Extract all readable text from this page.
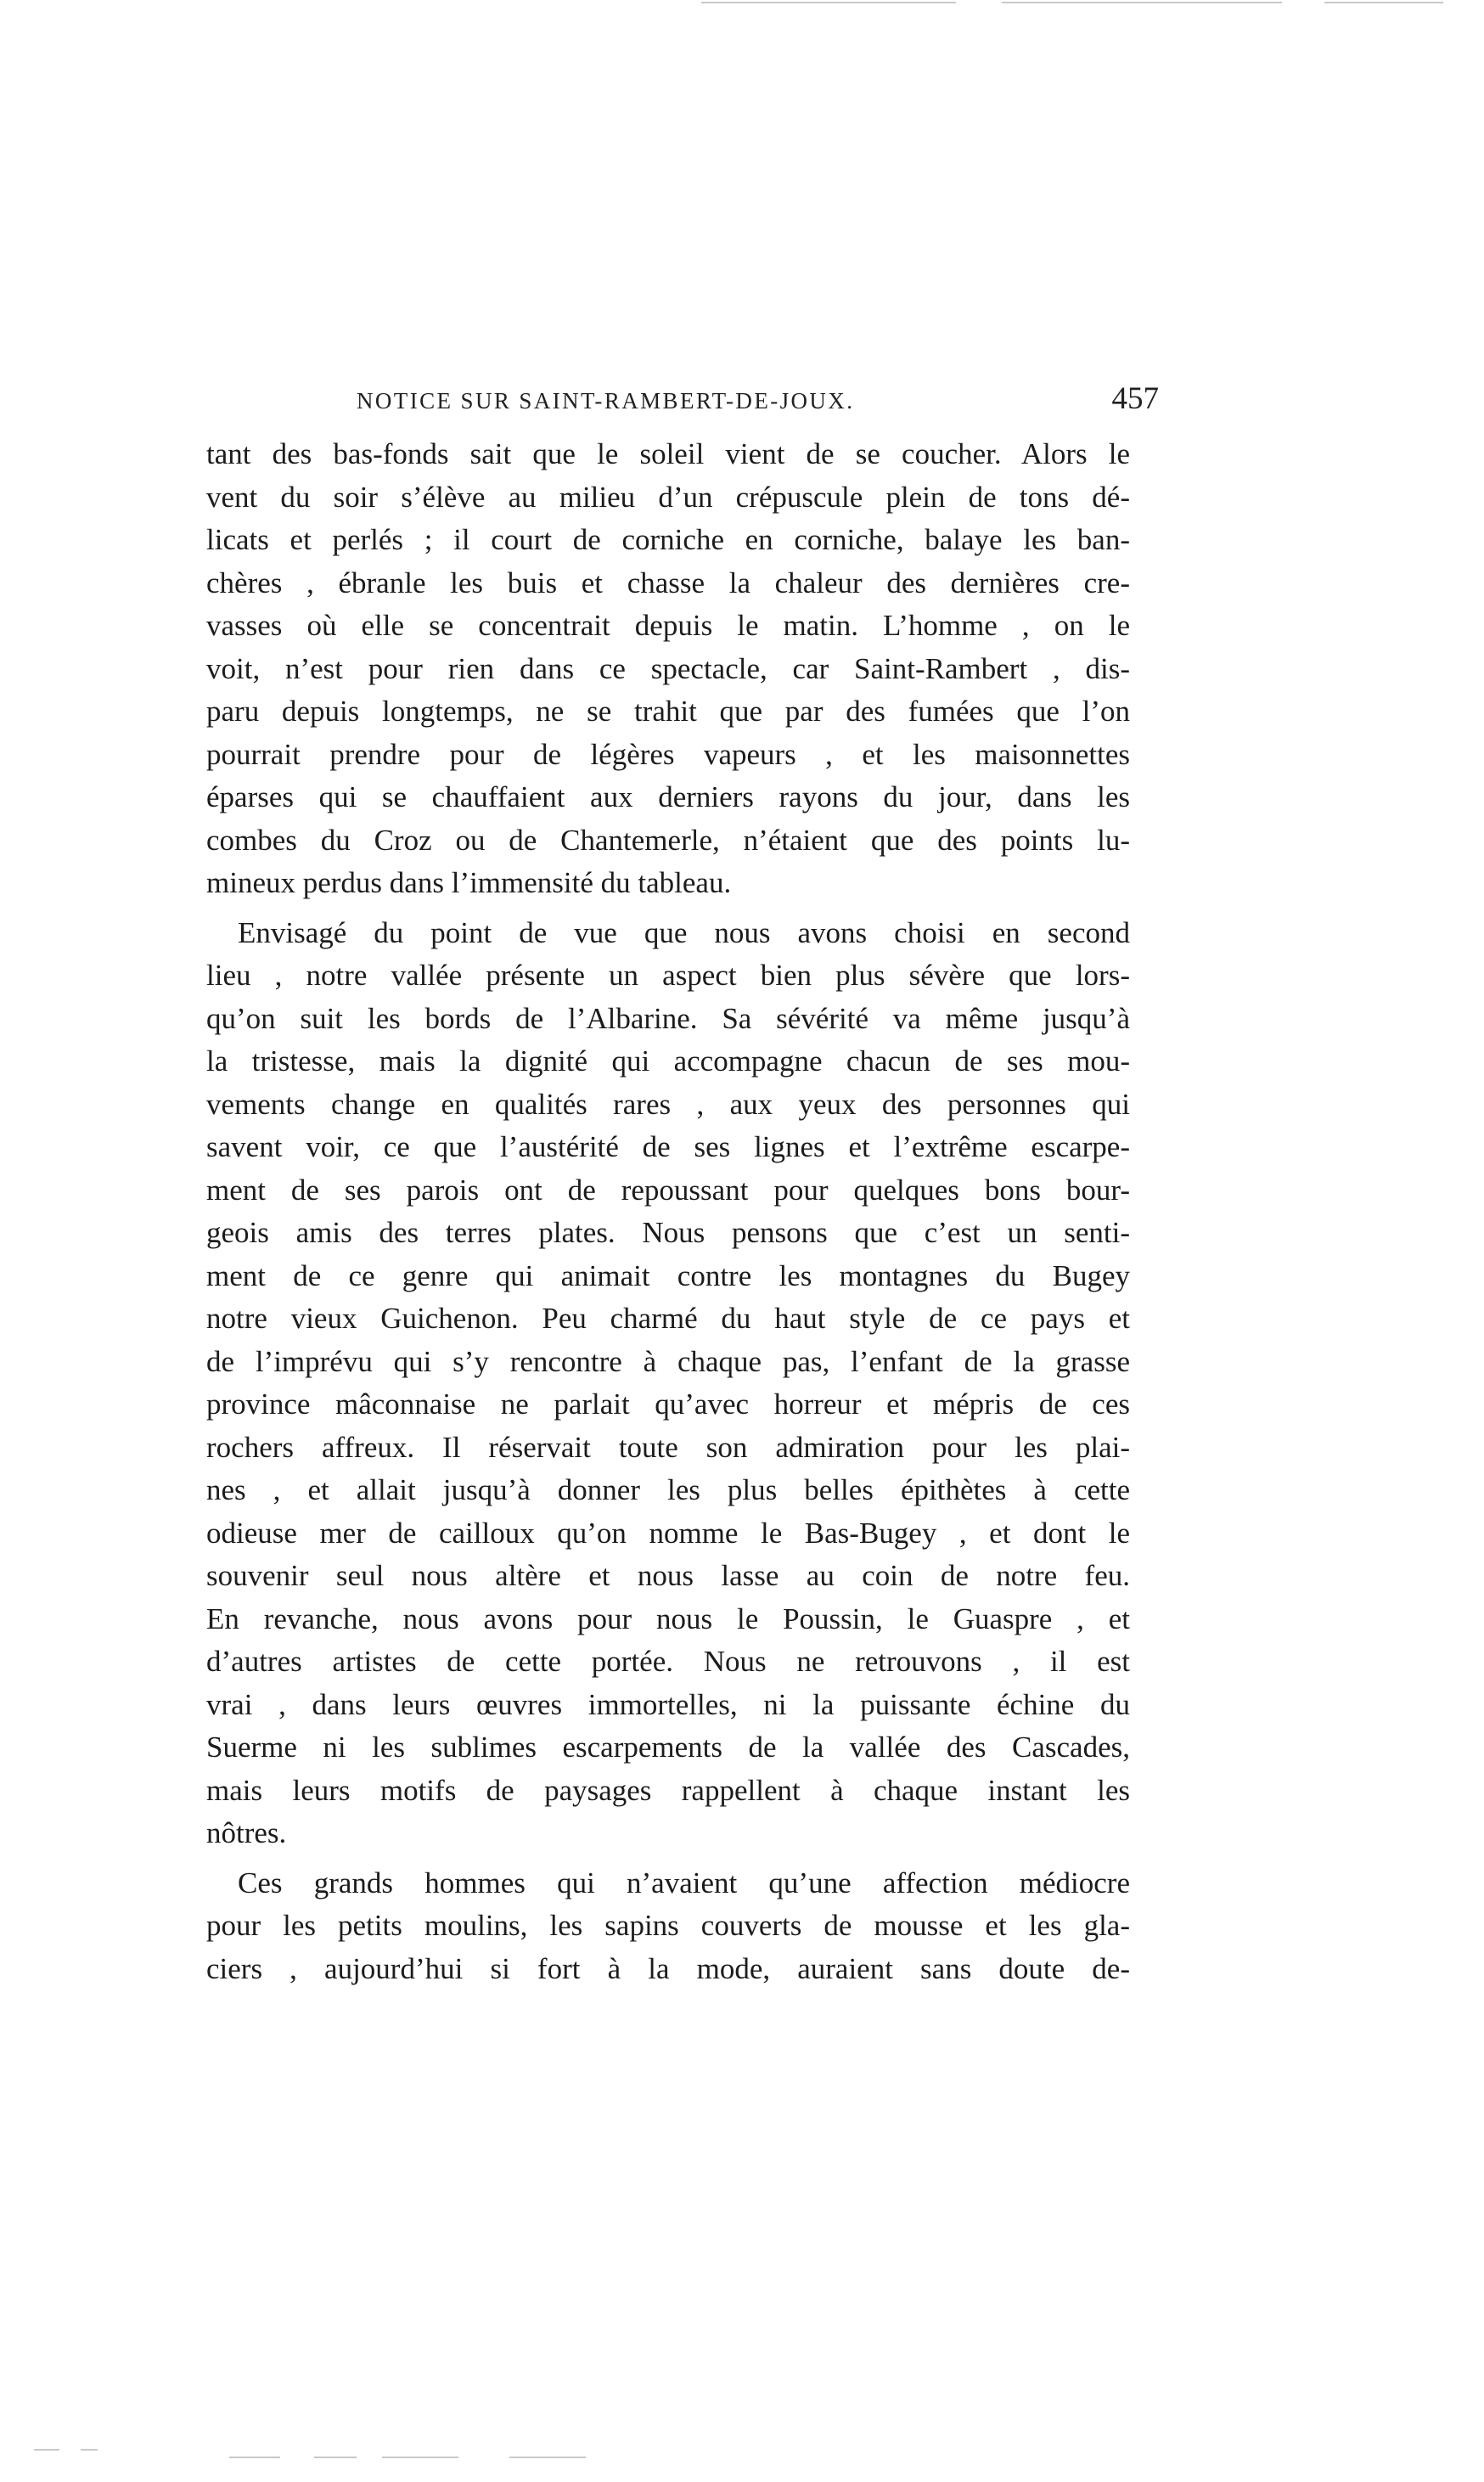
NOTICE SUR SAINT-RAMBERT-DE-JOUX.	457
tant des bas-fonds sait que le soleil vient de se coucher. Alors le
vent du soir s’élève au milieu d’un crépuscule plein de tons dé-
licats et perlés ; il court de corniche en corniche, balaye les ban-
chères , ébranle les buis et chasse la chaleur des dernières cre-
vasses où elle se concentrait depuis le matin. L’homme , on le
voit, n’est pour rien dans ce spectacle, car Saint-Rambert , dis-
paru depuis longtemps, ne se trahit que par des fumées que l’on
pourrait prendre pour de légères vapeurs , et les maisonnettes
éparses qui se chauffaient aux derniers rayons du jour, dans les
combes du Croz ou de Chantemerle, n’étaient que des points lu-
mineux perdus dans l’immensité du tableau.
Envisagé du point de vue que nous avons choisi en second
lieu , notre vallée présente un aspect bien plus sévère que lors-
qu’on suit les bords de l’Albarine. Sa sévérité va même jusqu’à
la tristesse, mais la dignité qui accompagne chacun de ses mou-
vements change en qualités rares , aux yeux des personnes qui
savent voir, ce que l’austérité de ses lignes et l’extrême escarpe-
ment de ses parois ont de repoussant pour quelques bons bour-
geois amis des terres plates. Nous pensons que c’est un senti-
ment de ce genre qui animait contre les montagnes du Bugey
notre vieux Guichenon. Peu charmé du haut style de ce pays et
de l’imprévu qui s’y rencontre à chaque pas, l’enfant de la grasse
province mâconnaise ne parlait qu’avec horreur et mépris de ces
rochers affreux. Il réservait toute son admiration pour les plai-
nes , et allait jusqu’à donner les plus belles épithètes à cette
odieuse mer de cailloux qu’on nomme le Bas-Bugey , et dont le
souvenir seul nous altère et nous lasse au coin de notre feu.
En revanche, nous avons pour nous le Poussin, le Guaspre , et
d’autres artistes de cette portée. Nous ne retrouvons , il est
vrai , dans leurs œuvres immortelles, ni la puissante échine du
Suerme ni les sublimes escarpements de la vallée des Cascades,
mais leurs motifs de paysages rappellent à chaque instant les
nôtres.
Ces grands hommes qui n’avaient qu’une affection médiocre
pour les petits moulins, les sapins couverts de mousse et les gla-
ciers , aujourd’hui si fort à la mode, auraient sans doute de-
